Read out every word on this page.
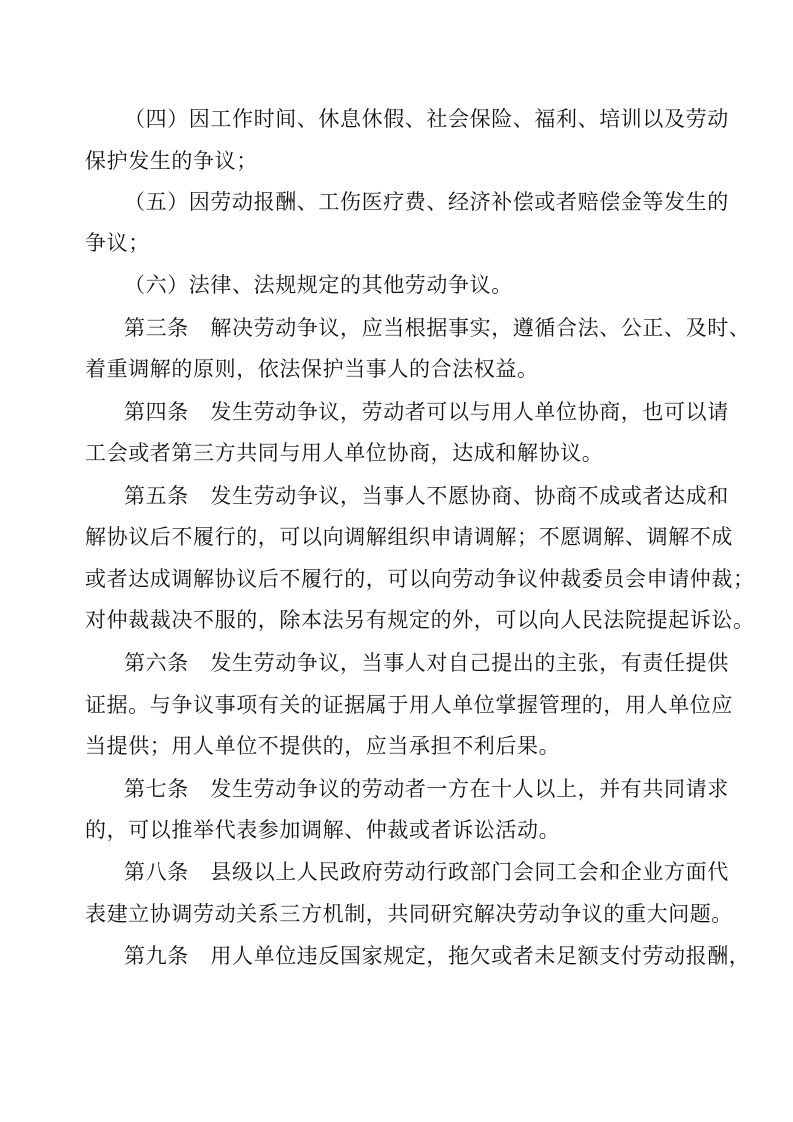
（四）因工作时间、休息休假、社会保险、福利、培训以及劳动
保护发生的争议；
（五）因劳动报酬、工伤医疗费、经济补偿或者赔偿金等发生的
争议；
（六）法律、法规规定的其他劳动争议。
第三条　解决劳动争议，应当根据事实，遵循合法、公正、及时、
着重调解的原则，依法保护当事人的合法权益。
第四条　发生劳动争议，劳动者可以与用人单位协商，也可以请
工会或者第三方共同与用人单位协商，达成和解协议。
第五条　发生劳动争议，当事人不愿协商、协商不成或者达成和
解协议后不履行的，可以向调解组织申请调解；不愿调解、调解不成
或者达成调解协议后不履行的，可以向劳动争议仲裁委员会申请仲裁；
对仲裁裁决不服的，除本法另有规定的外，可以向人民法院提起诉讼。
第六条　发生劳动争议，当事人对自己提出的主张，有责任提供
证据。与争议事项有关的证据属于用人单位掌握管理的，用人单位应
当提供；用人单位不提供的，应当承担不利后果。
第七条　发生劳动争议的劳动者一方在十人以上，并有共同请求
的，可以推举代表参加调解、仲裁或者诉讼活动。
第八条　县级以上人民政府劳动行政部门会同工会和企业方面代
表建立协调劳动关系三方机制，共同研究解决劳动争议的重大问题。
第九条　用人单位违反国家规定，拖欠或者未足额支付劳动报酬，
